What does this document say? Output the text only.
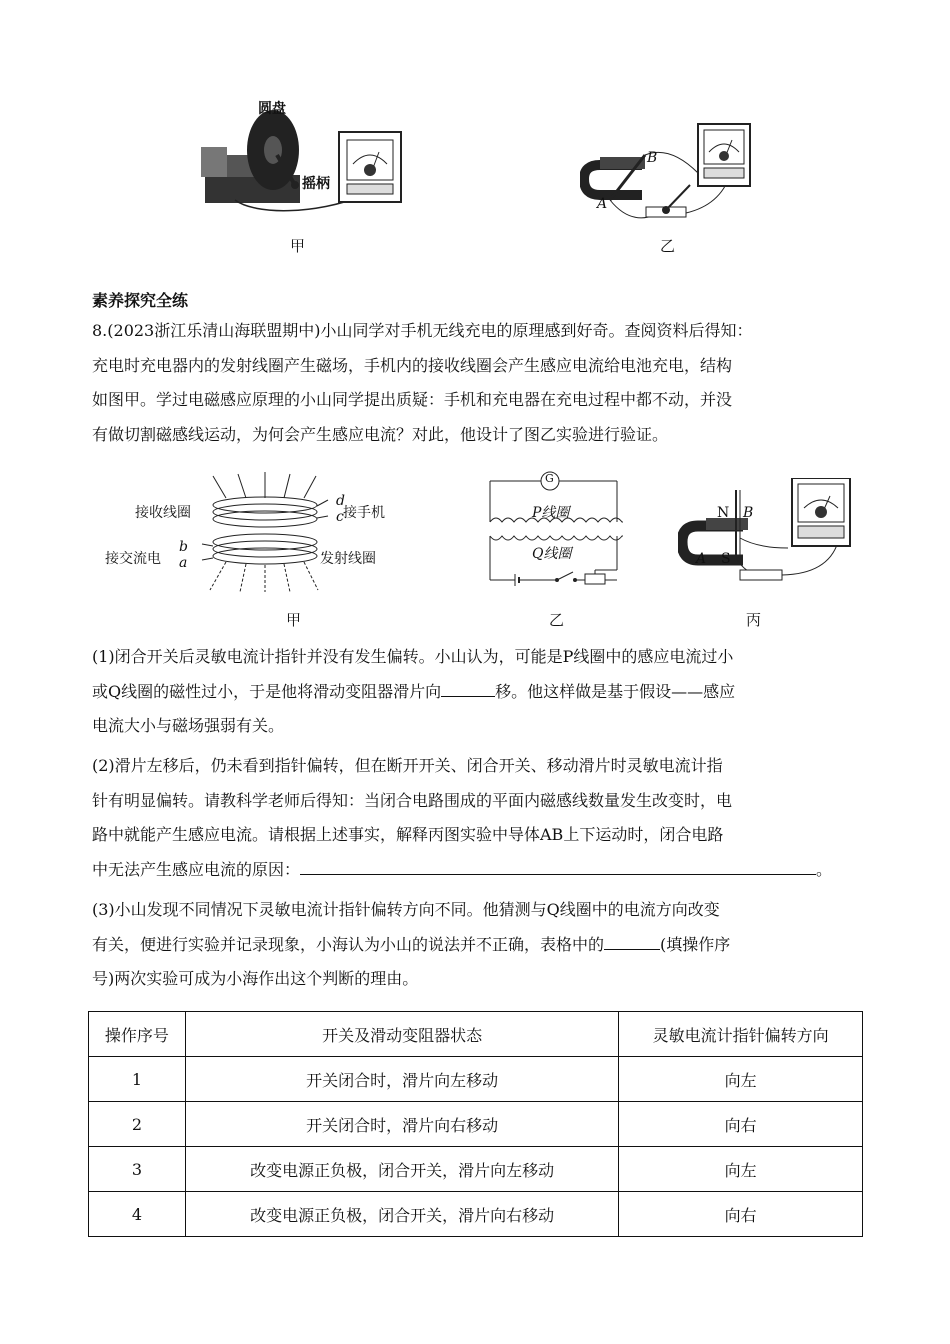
圆盘
摇柄
甲
B
A
乙
素养探究全练

8.(2023浙江乐清山海联盟期中)小山同学对手机无线充电的原理感到好奇。查阅资料后得知：

充电时充电器内的发射线圈产生磁场，手机内的接收线圈会产生感应电流给电池充电，结构

如图甲。学过电磁感应原理的小山同学提出质疑：手机和充电器在充电过程中都不动，并没

有做切割磁感线运动，为何会产生感应电流？对此，他设计了图乙实验进行验证。

接收线圈
d
c 接手机
接交流电
b
a	发射线圈
甲
G
P线圈
Q线圈
乙
N B
A S
丙

(1)闭合开关后灵敏电流计指针并没有发生偏转。小山认为，可能是P线圈中的感应电流过小

或Q线圈的磁性过小，于是他将滑动变阻器滑片向	移。他这样做是基于假设——感应

电流大小与磁场强弱有关。

(2)滑片左移后，仍未看到指针偏转，但在断开开关、闭合开关、移动滑片时灵敏电流计指

针有明显偏转。请教科学老师后得知：当闭合电路围成的平面内磁感线数量发生改变时，电

路中就能产生感应电流。请根据上述事实，解释丙图实验中导体AB上下运动时，闭合电路

中无法产生感应电流的原因：	。

(3)小山发现不同情况下灵敏电流计指针偏转方向不同。他猜测与Q线圈中的电流方向改变

有关，便进行实验并记录现象，小海认为小山的说法并不正确，表格中的	(填操作序

号)两次实验可成为小海作出这个判断的理由。

操作序号	开关及滑动变阻器状态	灵敏电流计指针偏转方向
1	开关闭合时，滑片向左移动	向左
2	开关闭合时，滑片向右移动	向右
3	改变电源正负极，闭合开关，滑片向左移动	向左
4	改变电源正负极，闭合开关，滑片向右移动	向右
